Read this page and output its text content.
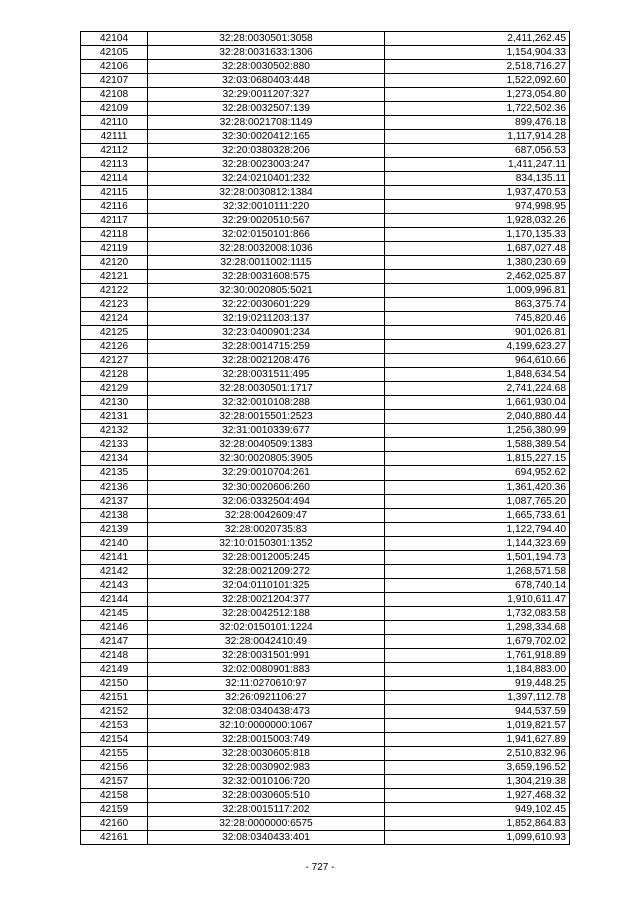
42104	32:28:0030501:3058	2,411,262.45
42105	32:28:0031633:1306	1,154,904.33
42106	32:28:0030502:880	2,518,716.27
42107	32:03:0680403:448	1,522,092.60
42108	32:29:0011207:327	1,273,054.80
42109	32:28:0032507:139	1,722,502.36
42110	32:28:0021708:1149	899,476.18
42111	32:30:0020412:165	1,117,914.28
42112	32:20:0380328:206	687,056.53
42113	32:28:0023003:247	1,411,247.11
42114	32:24:0210401:232	834,135.11
42115	32:28:0030812:1384	1,937,470.53
42116	32:32:0010111:220	974,998.95
42117	32:29:0020510:567	1,928,032.26
42118	32:02:0150101:866	1,170,135.33
42119	32:28:0032008:1036	1,687,027.48
42120	32:28:0011002:1115	1,380,230.69
42121	32:28:0031608:575	2,462,025.87
42122	32:30:0020805:5021	1,009,996.81
42123	32:22:0030601:229	863,375.74
42124	32:19:0211203:137	745,820.46
42125	32:23:0400901:234	901,026.81
42126	32:28:0014715:259	4,199,623.27
42127	32:28:0021208:476	964,610.66
42128	32:28:0031511:495	1,848,634.54
42129	32:28:0030501:1717	2,741,224.68
42130	32:32:0010108:288	1,661,930.04
42131	32:28:0015501:2523	2,040,880.44
42132	32:31:0010339:677	1,256,380.99
42133	32:28:0040509:1383	1,588,389.54
42134	32:30:0020805:3905	1,815,227.15
42135	32:29:0010704:261	694,952.62
42136	32:30:0020606:260	1,361,420.36
42137	32:06:0332504:494	1,087,765.20
42138	32:28:0042609:47	1,665,733.61
42139	32:28:0020735:83	1,122,794.40
42140	32:10:0150301:1352	1,144,323.69
42141	32:28:0012005:245	1,501,194.73
42142	32:28:0021209:272	1,268,571.58
42143	32:04:0110101:325	678,740.14
42144	32:28:0021204:377	1,910,611.47
42145	32:28:0042512:188	1,732,083.58
42146	32:02:0150101:1224	1,298,334.68
42147	32:28:0042410:49	1,679,702.02
42148	32:28:0031501:991	1,761,918.89
42149	32:02:0080901:883	1,184,883.00
42150	32:11:0270610:97	919,448.25
42151	32:26:0921106:27	1,397,112.78
42152	32:08:0340438:473	944,537.59
42153	32:10:0000000:1067	1,019,821.57
42154	32:28:0015003:749	1,941,627.89
42155	32:28:0030605:818	2,510,832.96
42156	32:28:0030902:983	3,659,196.52
42157	32:32:0010106:720	1,304,219.38
42158	32:28:0030605:510	1,927,468.32
42159	32:28:0015117:202	949,102.45
42160	32:28:0000000:6575	1,852,864.83
42161	32:08:0340433:401	1,099,610.93
- 727 -
